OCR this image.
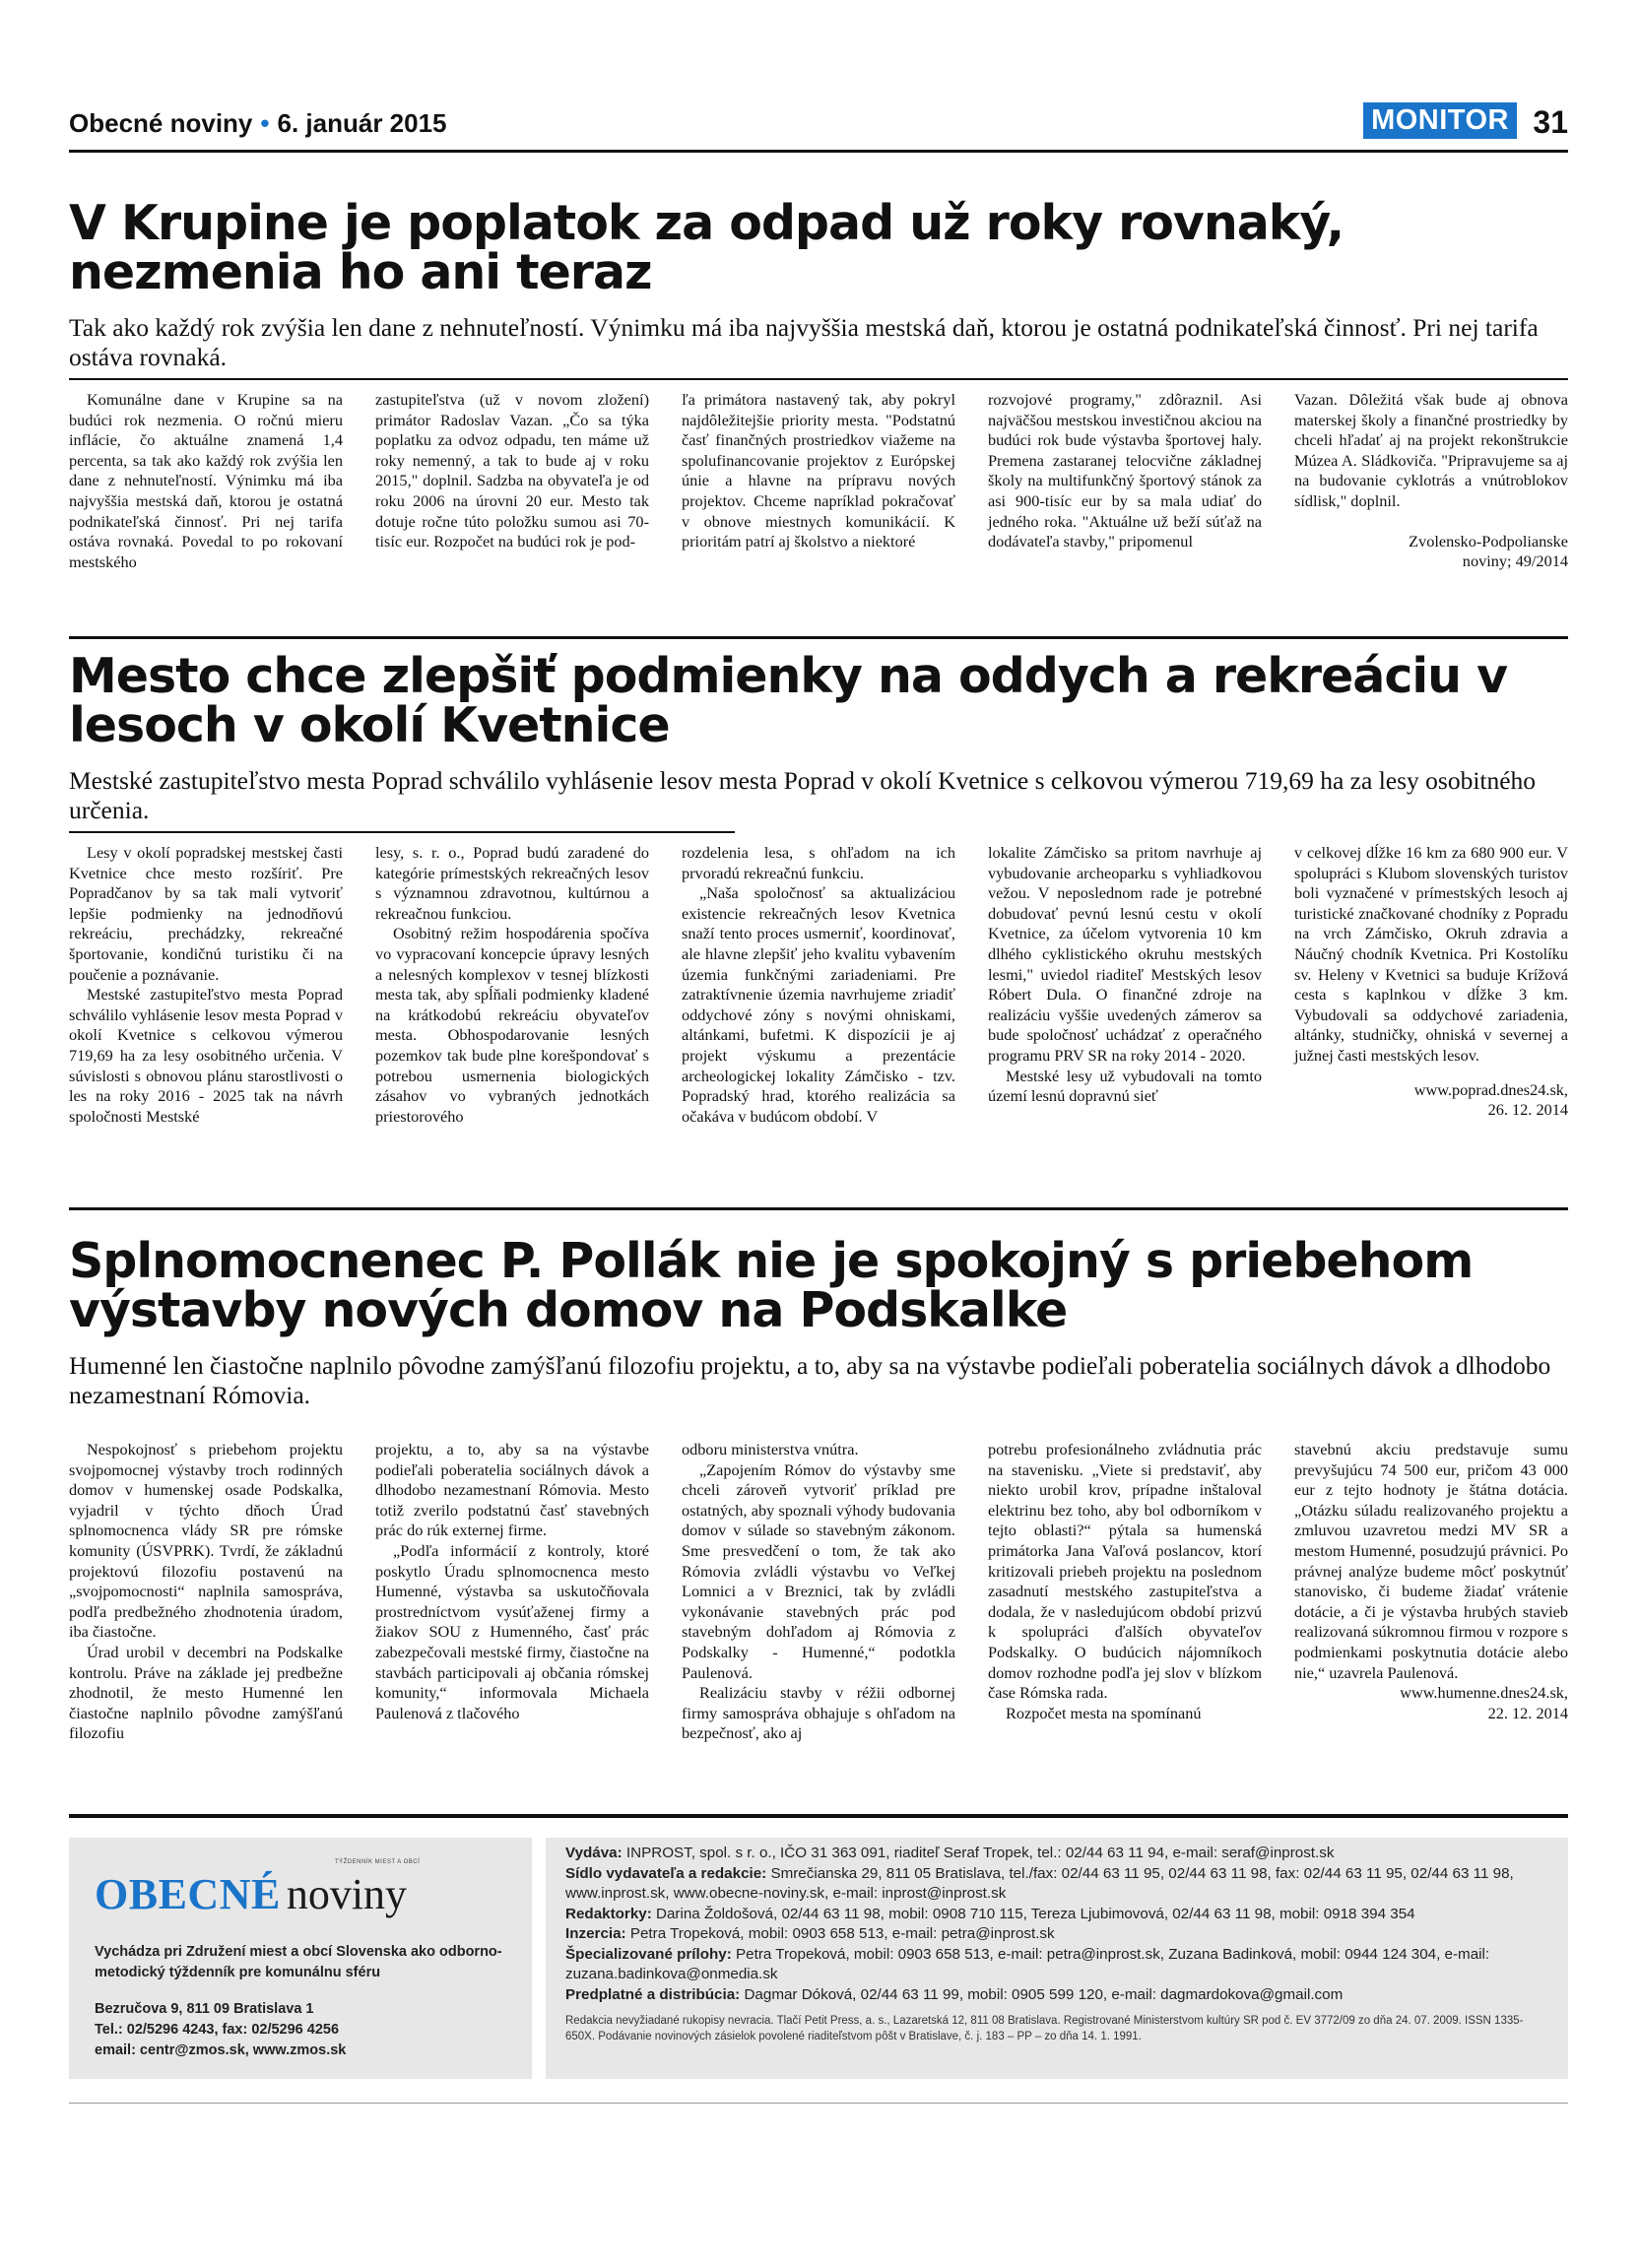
Obecné noviny • 6. január 2015	MONITOR 31
V Krupine je poplatok za odpad už roky rovnaký, nezmenia ho ani teraz
Tak ako každý rok zvýšia len dane z nehnuteľností. Výnimku má iba najvyššia mestská daň, ktorou je ostatná podnikateľská činnosť. Pri nej tarifa ostáva rovnaká.

Komunálne dane v Krupine sa na budúci rok nezmenia. O ročnú mieru inflácie, čo aktuálne znamená 1,4 percenta, sa tak ako každý rok zvýšia len dane z nehnuteľností. Výnimku má iba najvyššia mestská daň, ktorou je ostatná podnikateľská činnosť. Pri nej tarifa ostáva rovnaká. Povedal to po rokovaní mestského

zastupiteľstva (už v novom zložení) primátor Radoslav Vazan. „Čo sa týka poplatku za odvoz odpadu, ten máme už roky nemenný, a tak to bude aj v roku 2015," doplnil. Sadzba na obyvateľa je od roku 2006 na úrovni 20 eur. Mesto tak dotuje ročne túto položku sumou asi 70-tisíc eur. Rozpočet na budúci rok je pod-

ľa primátora nastavený tak, aby pokryl najdôležitejšie priority mesta. "Podstatnú časť finančných prostriedkov viažeme na spolufinancovanie projektov z Európskej únie a hlavne na prípravu nových projektov. Chceme napríklad pokračovať v obnove miestnych komunikácií. K prioritám patrí aj školstvo a niektoré

rozvojové programy," zdôraznil. Asi najväčšou mestskou investičnou akciou na budúci rok bude výstavba športovej haly. Premena zastaranej telocvične základnej školy na multifunkčný športový stánok za asi 900-tisíc eur by sa mala udiať do jedného roka. "Aktuálne už beží súťaž na dodávateľa stavby," pripomenul

Vazan. Dôležitá však bude aj obnova materskej školy a finančné prostriedky by chceli hľadať aj na projekt rekonštrukcie Múzea A. Sládkoviča. "Pripravujeme sa aj na budovanie cyklotrás a vnútroblokov sídlisk," doplnil.

Zvolensko-Podpolianske
noviny; 49/2014
Mesto chce zlepšiť podmienky na oddych a rekreáciu v lesoch v okolí Kvetnice
Mestské zastupiteľstvo mesta Poprad schválilo vyhlásenie lesov mesta Poprad v okolí Kvetnice s celkovou výmerou 719,69 ha za lesy osobitného určenia.

Lesy v okolí popradskej mestskej časti Kvetnice chce mesto rozšíriť. Pre Popradčanov by sa tak mali vytvoriť lepšie podmienky na jednodňovú rekreáciu, prechádzky, rekreačné športovanie, kondičnú turistiku či na poučenie a poznávanie.

Mestské zastupiteľstvo mesta Poprad schválilo vyhlásenie lesov mesta Poprad v okolí Kvetnice s celkovou výmerou 719,69 ha za lesy osobitného určenia. V súvislosti s obnovou plánu starostlivosti o les na roky 2016 - 2025 tak na návrh spoločnosti Mestské

lesy, s. r. o., Poprad budú zaradené do kategórie prímestských rekreačných lesov s významnou zdravotnou, kultúrnou a rekreačnou funkciou.

Osobitný režim hospodárenia spočíva vo vypracovaní koncepcie úpravy lesných a nelesných komplexov v tesnej blízkosti mesta tak, aby spĺňali podmienky kladené na krátkodobú rekreáciu obyvateľov mesta. Obhospodarovanie lesných pozemkov tak bude plne korešpondovať s potrebou usmernenia biologických zásahov vo vybraných jednotkách priestorového

rozdelenia lesa, s ohľadom na ich prvoradú rekreačnú funkciu.

„Naša spoločnosť sa aktualizáciou existencie rekreačných lesov Kvetnica snaží tento proces usmerniť, koordinovať, ale hlavne zlepšiť jeho kvalitu vybavením územia funkčnými zariadeniami. Pre zatraktívnenie územia navrhujeme zriadiť oddychové zóny s novými ohniskami, altánkami, bufetmi. K dispozícii je aj projekt výskumu a prezentácie archeologickej lokality Zámčisko - tzv. Popradský hrad, ktorého realizácia sa očakáva v budúcom období. V

lokalite Zámčisko sa pritom navrhuje aj vybudovanie archeoparku s vyhliadkovou vežou. V neposlednom rade je potrebné dobudovať pevnú lesnú cestu v okolí Kvetnice, za účelom vytvorenia 10 km dlhého cyklistického okruhu mestských lesmi," uviedol riaditeľ Mestských lesov Róbert Dula. O finančné zdroje na realizáciu vyššie uvedených zámerov sa bude spoločnosť uchádzať z operačného programu PRV SR na roky 2014 - 2020.

Mestské lesy už vybudovali na tomto území lesnú dopravnú sieť

v celkovej dĺžke 16 km za 680 900 eur. V spolupráci s Klubom slovenských turistov boli vyznačené v prímestských lesoch aj turistické značkované chodníky z Popradu na vrch Zámčisko, Okruh zdravia a Náučný chodník Kvetnica. Pri Kostolíku sv. Heleny v Kvetnici sa buduje Krížová cesta s kaplnkou v dĺžke 3 km. Vybudovali sa oddychové zariadenia, altánky, studničky, ohniská v severnej a južnej časti mestských lesov.

www.poprad.dnes24.sk,
26. 12. 2014
Splnomocnenec P. Pollák nie je spokojný s priebehom výstavby nových domov na Podskalke
Humenné len čiastočne naplnilo pôvodne zamýšľanú filozofiu projektu, a to, aby sa na výstavbe podieľali poberatelia sociálnych dávok a dlhodobo nezamestnaní Rómovia.

Nespokojnosť s priebehom projektu svojpomocnej výstavby troch rodinných domov v humenskej osade Podskalka, vyjadril v týchto dňoch Úrad splnomocnenca vlády SR pre rómske komunity (ÚSVPRK). Tvrdí, že základnú projektovú filozofiu postavenú na „svojpomocnosti“ naplnila samospráva, podľa predbežného zhodnotenia úradom, iba čiastočne.

Úrad urobil v decembri na Podskalke kontrolu. Práve na základe jej predbežne zhodnotil, že mesto Humenné len čiastočne naplnilo pôvodne zamýšľanú filozofiu

projektu, a to, aby sa na výstavbe podieľali poberatelia sociálnych dávok a dlhodobo nezamestnaní Rómovia. Mesto totiž zverilo podstatnú časť stavebných prác do rúk externej firme.

„Podľa informácií z kontroly, ktoré poskytlo Úradu splnomocnenca mesto Humenné, výstavba sa uskutočňovala prostredníctvom vysúťaženej firmy a žiakov SOU z Humenného, časť prác zabezpečovali mestské firmy, čiastočne na stavbách participovali aj občania rómskej komunity,“ informovala Michaela Paulenová z tlačového

odboru ministerstva vnútra.

„Zapojením Rómov do výstavby sme chceli zároveň vytvoriť príklad pre ostatných, aby spoznali výhody budovania domov v súlade so stavebným zákonom. Sme presvedčení o tom, že tak ako Rómovia zvládli výstavbu vo Veľkej Lomnici a v Breznici, tak by zvládli vykonávanie stavebných prác pod stavebným dohľadom aj Rómovia z Podskalky - Humenné,“ podotkla Paulenová.

Realizáciu stavby v réžii odbornej firmy samospráva obhajuje s ohľadom na bezpečnosť, ako aj

potrebu profesionálneho zvládnutia prác na stavenisku. „Viete si predstaviť, aby niekto urobil krov, prípadne inštaloval elektrinu bez toho, aby bol odborníkom v tejto oblasti?“ pýtala sa humenská primátorka Jana Vaľová poslancov, ktorí kritizovali priebeh projektu na poslednom zasadnutí mestského zastupiteľstva a dodala, že v nasledujúcom období prizvú k spolupráci ďalších obyvateľov Podskalky. O budúcich nájomníkoch domov rozhodne podľa jej slov v blízkom čase Rómska rada.

Rozpočet mesta na spomínanú

stavebnú akciu predstavuje sumu prevyšujúcu 74 500 eur, pričom 43 000 eur z tejto hodnoty je štátna dotácia. „Otázku súladu realizovaného projektu a zmluvou uzavretou medzi MV SR a mestom Humenné, posudzujú právnici. Po právnej analýze budeme môcť poskytnúť stanovisko, či budeme žiadať vrátenie dotácie, a či je výstavba hrubých stavieb realizovaná súkromnou firmou v rozpore s podmienkami poskytnutia dotácie alebo nie,“ uzavrela Paulenová.

www.humenne.dnes24.sk,
22. 12. 2014
OBECNÉ noviny
TÝŽDENNÍK MIEST A OBCÍ
Vychádza pri Združení miest a obcí Slovenska ako odborno-metodický týždenník pre komunálnu sféru
Bezručova 9, 811 09 Bratislava 1
Tel.: 02/5296 4243, fax: 02/5296 4256
email: centr@zmos.sk, www.zmos.sk
Vydáva: INPROST, spol. s r. o., IČO 31 363 091, riaditeľ Seraf Tropek, tel.: 02/44 63 11 94, e-mail: seraf@inprost.sk
Sídlo vydavateľa a redakcie: Smrečianska 29, 811 05 Bratislava, tel./fax: 02/44 63 11 95, 02/44 63 11 98, fax: 02/44 63 11 95, 02/44 63 11 98, www.inprost.sk, www.obecne-noviny.sk, e-mail: inprost@inprost.sk
Redaktorky: Darina Žoldošová, 02/44 63 11 98, mobil: 0908 710 115, Tereza Ljubimovová, 02/44 63 11 98, mobil: 0918 394 354
Inzercia: Petra Tropeková, mobil: 0903 658 513, e-mail: petra@inprost.sk
Špecializované prílohy: Petra Tropeková, mobil: 0903 658 513, e-mail: petra@inprost.sk, Zuzana Badinková, mobil: 0944 124 304, e-mail: zuzana.badinkova@onmedia.sk
Predplatné a distribúcia: Dagmar Dóková, 02/44 63 11 99, mobil: 0905 599 120, e-mail: dagmardokova@gmail.com
Redakcia nevyžiadané rukopisy nevracia. Tlačí Petit Press, a. s., Lazaretská 12, 811 08 Bratislava. Registrované Ministerstvom kultúry SR pod č. EV 3772/09 zo dňa 24. 07. 2009. ISSN 1335-650X. Podávanie novinových zásielok povolené riaditeľstvom pôšt v Bratislave, č. j. 183 – PP – zo dňa 14. 1. 1991.
